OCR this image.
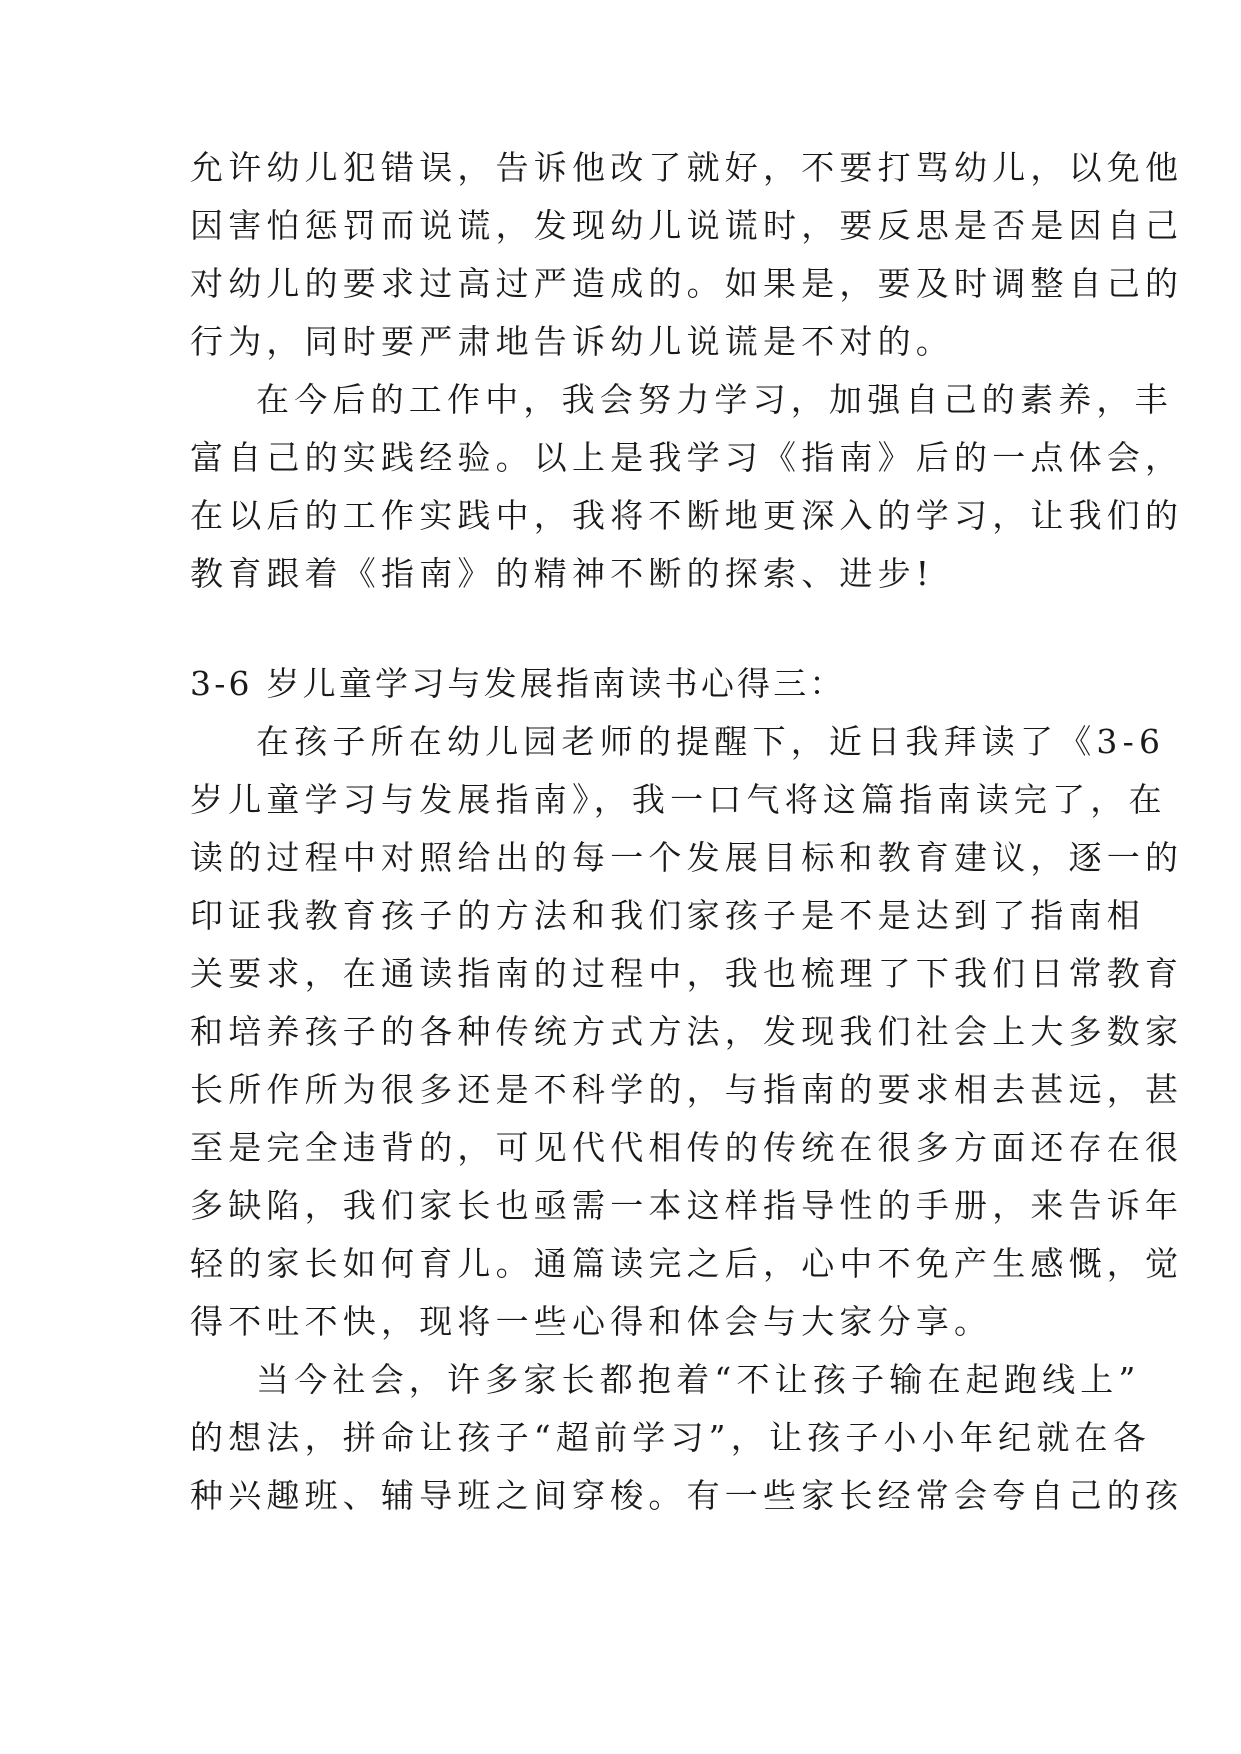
允许幼儿犯错误，告诉他改了就好，不要打骂幼儿，以免他
因害怕惩罚而说谎，发现幼儿说谎时，要反思是否是因自己
对幼儿的要求过高过严造成的。如果是，要及时调整自己的
行为，同时要严肃地告诉幼儿说谎是不对的。
在今后的工作中，我会努力学习，加强自己的素养，丰
富自己的实践经验。以上是我学习《指南》后的一点体会，
在以后的工作实践中，我将不断地更深入的学习，让我们的
教育跟着《指南》的精神不断的探索、进步!
3-6 岁儿童学习与发展指南读书心得三：
在孩子所在幼儿园老师的提醒下，近日我拜读了《3-6
岁儿童学习与发展指南》，我一口气将这篇指南读完了，在
读的过程中对照给出的每一个发展目标和教育建议，逐一的
印证我教育孩子的方法和我们家孩子是不是达到了指南相
关要求，在通读指南的过程中，我也梳理了下我们日常教育
和培养孩子的各种传统方式方法，发现我们社会上大多数家
长所作所为很多还是不科学的，与指南的要求相去甚远，甚
至是完全违背的，可见代代相传的传统在很多方面还存在很
多缺陷，我们家长也亟需一本这样指导性的手册，来告诉年
轻的家长如何育儿。通篇读完之后，心中不免产生感慨，觉
得不吐不快，现将一些心得和体会与大家分享。
当今社会，许多家长都抱着“不让孩子输在起跑线上”
的想法，拼命让孩子“超前学习”，让孩子小小年纪就在各
种兴趣班、辅导班之间穿梭。有一些家长经常会夸自己的孩
